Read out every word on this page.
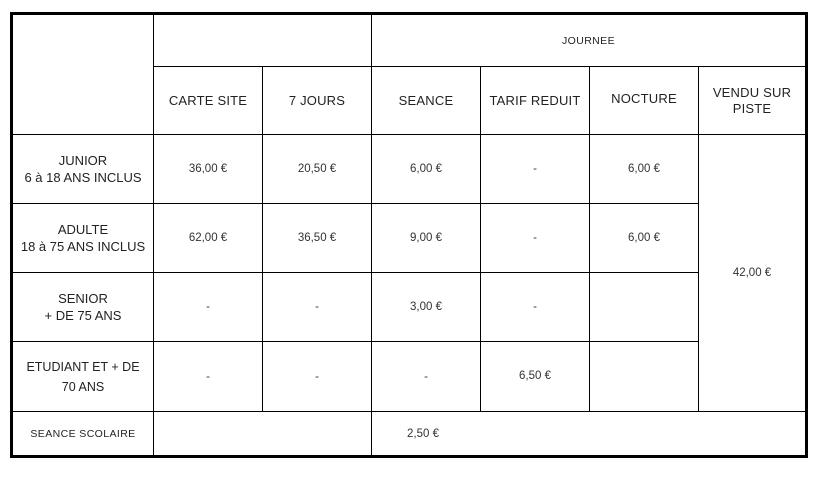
JOURNEE
CARTE SITE	7 JOURS	SEANCE	TARIF REDUIT	NOCTURE	VENDU SUR
PISTE
JUNIOR
6 à 18 ANS INCLUS
36,00 €	20,50 €	6,00 €	-	6,00 €
ADULTE
18 à 75 ANS INCLUS
62,00 €	36,50 €	9,00 €	-	6,00 €
SENIOR
+ DE 75 ANS
-	-	3,00 €	-
ETUDIANT ET + DE
70 ANS
-	-	-	6,50 €
42,00 €
SEANCE SCOLAIRE	2,50 €
